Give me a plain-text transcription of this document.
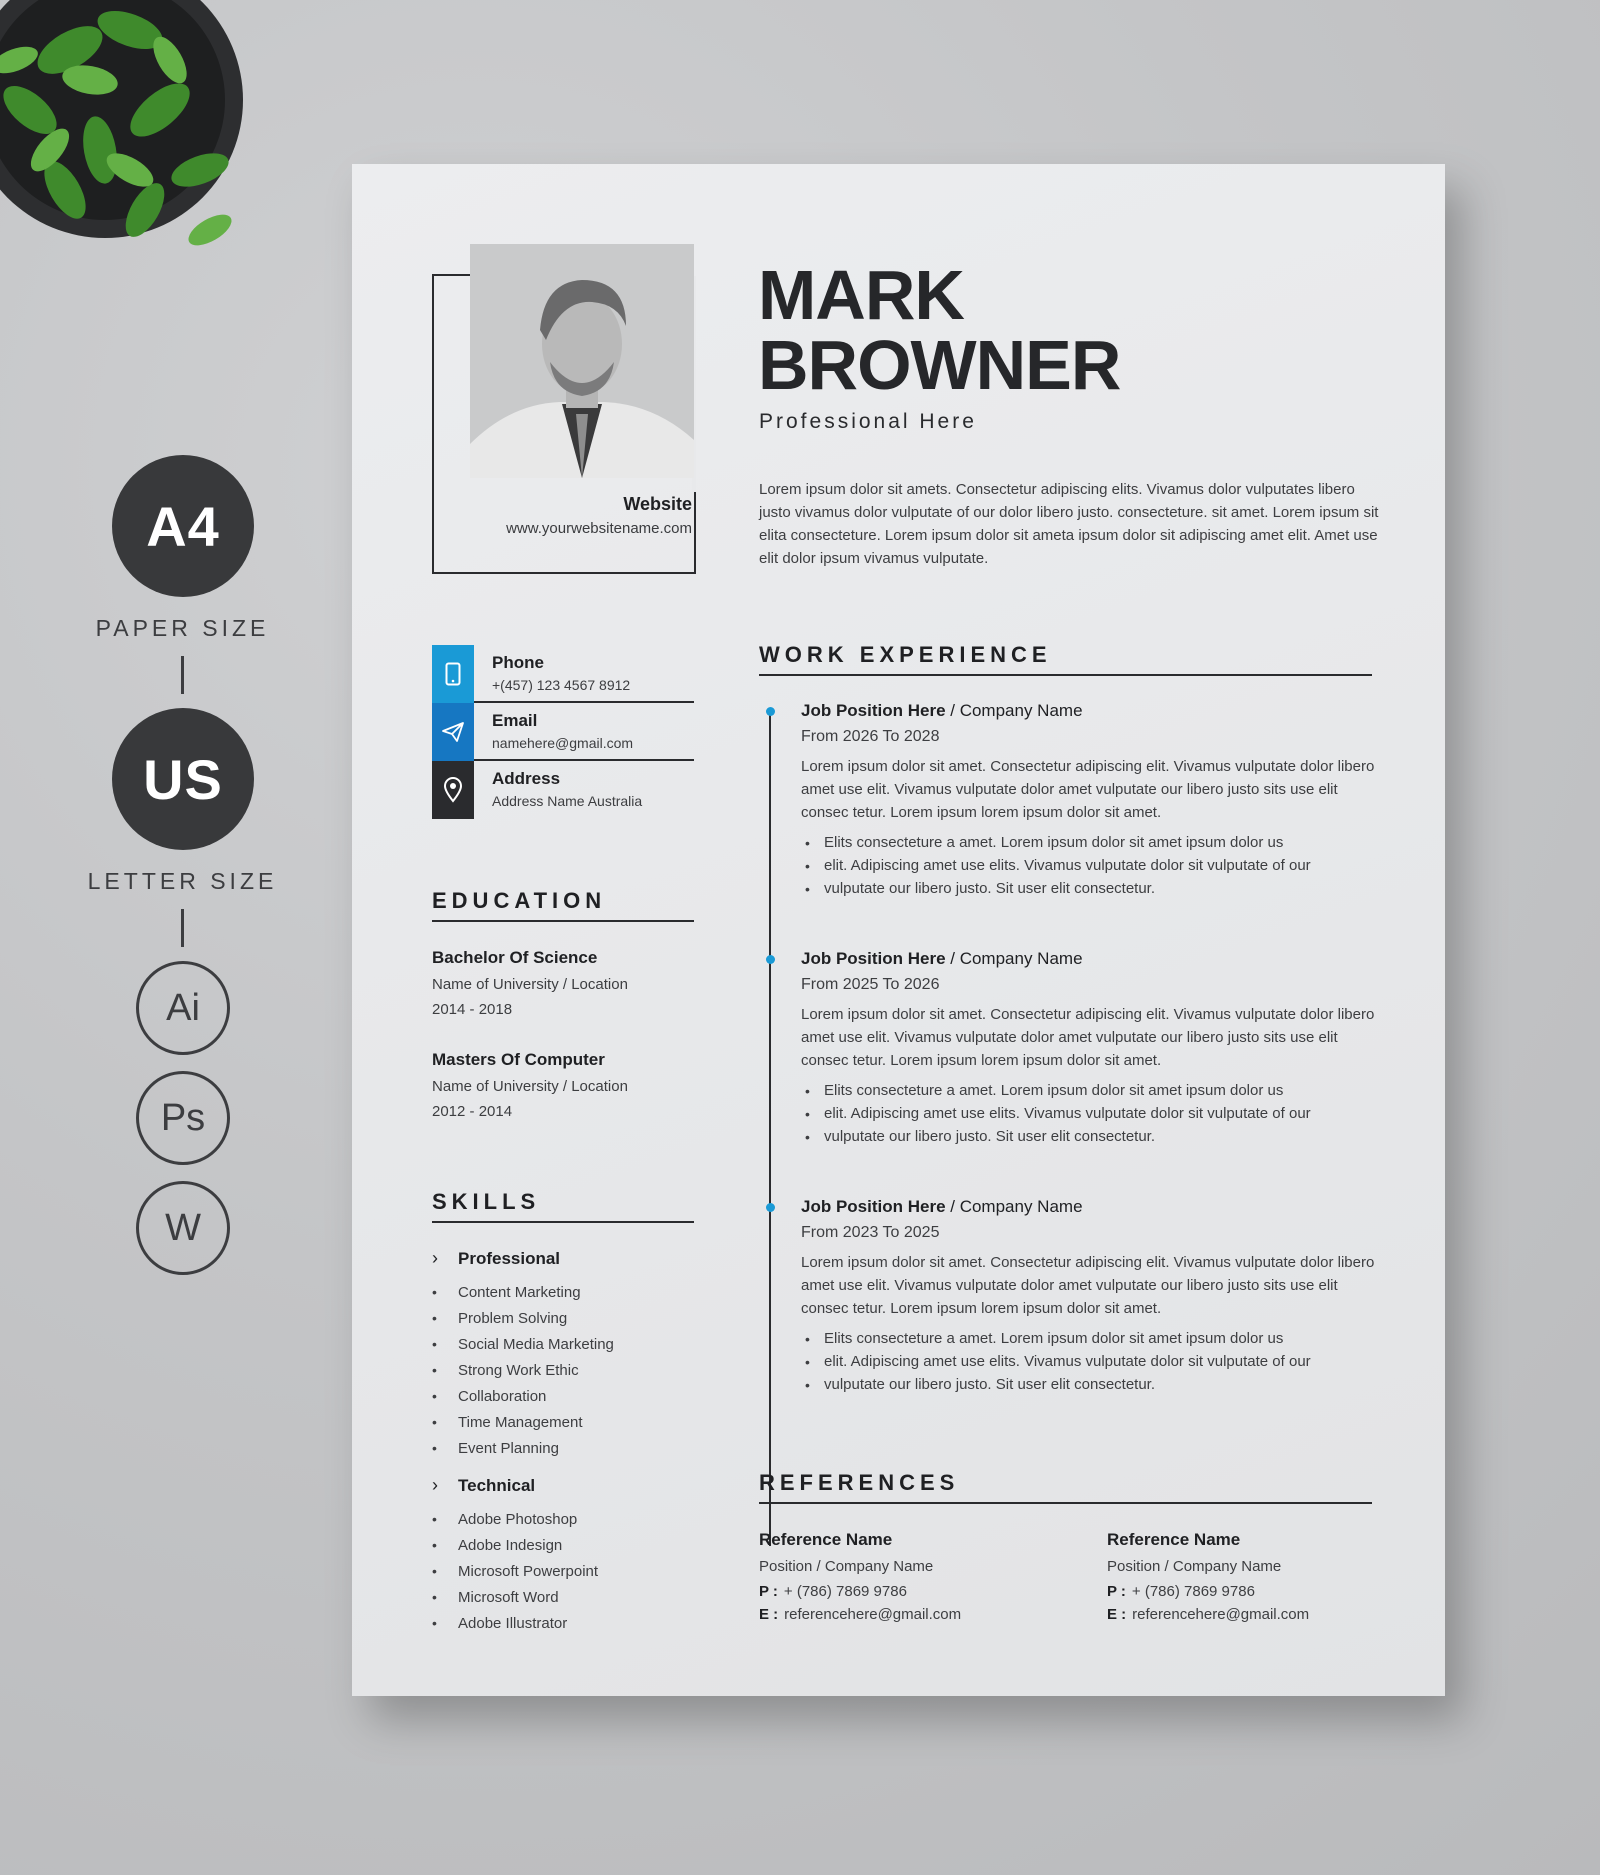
A4
PAPER SIZE
US
LETTER SIZE
Ai
Ps
W
Website
www.yourwebsitename.com
MARK
BROWNER
Professional Here
Lorem ipsum dolor sit amets. Consectetur adipiscing elits. Vivamus dolor vulputates libero justo vivamus dolor vulputate of our dolor libero justo. consecteture. sit amet. Lorem ipsum sit elita consecteture. Lorem ipsum dolor sit ameta ipsum dolor sit adipiscing amet elit. Amet use elit dolor ipsum vivamus vulputate.
Phone
+(457) 123 4567 8912
Email
namehere@gmail.com
Address
Address Name Australia
EDUCATION
Bachelor Of Science
Name of University / Location
2014 - 2018
Masters Of Computer
Name of University / Location
2012 - 2014
SKILLS
›	Professional
•	Content Marketing
•	Problem Solving
•	Social Media Marketing
•	Strong Work Ethic
•	Collaboration
•	Time Management
•	Event Planning
›	Technical
•	Adobe Photoshop
•	Adobe Indesign
•	Microsoft Powerpoint
•	Microsoft Word
•	Adobe Illustrator
WORK EXPERIENCE
Job Position Here / Company Name
From 2026 To 2028
Lorem ipsum dolor sit amet. Consectetur adipiscing elit. Vivamus vulputate dolor libero amet use elit. Vivamus vulputate dolor amet vulputate our libero justo sits use elit consec tetur. Lorem ipsum lorem ipsum dolor sit amet.
• Elits consecteture a amet. Lorem ipsum dolor sit amet ipsum dolor us
• elit. Adipiscing amet use elits. Vivamus vulputate dolor sit vulputate of our
• vulputate our libero justo. Sit user elit consectetur.
Job Position Here / Company Name
From 2025 To 2026
Lorem ipsum dolor sit amet. Consectetur adipiscing elit. Vivamus vulputate dolor libero amet use elit. Vivamus vulputate dolor amet vulputate our libero justo sits use elit consec tetur. Lorem ipsum lorem ipsum dolor sit amet.
• Elits consecteture a amet. Lorem ipsum dolor sit amet ipsum dolor us
• elit. Adipiscing amet use elits. Vivamus vulputate dolor sit vulputate of our
• vulputate our libero justo. Sit user elit consectetur.
Job Position Here / Company Name
From 2023 To 2025
Lorem ipsum dolor sit amet. Consectetur adipiscing elit. Vivamus vulputate dolor libero amet use elit. Vivamus vulputate dolor amet vulputate our libero justo sits use elit consec tetur. Lorem ipsum lorem ipsum dolor sit amet.
• Elits consecteture a amet. Lorem ipsum dolor sit amet ipsum dolor us
• elit. Adipiscing amet use elits. Vivamus vulputate dolor sit vulputate of our
• vulputate our libero justo. Sit user elit consectetur.
REFERENCES
Reference Name
Position / Company Name
P : + (786) 7869 9786
E : referencehere@gmail.com
Reference Name
Position / Company Name
P : + (786) 7869 9786
E : referencehere@gmail.com
